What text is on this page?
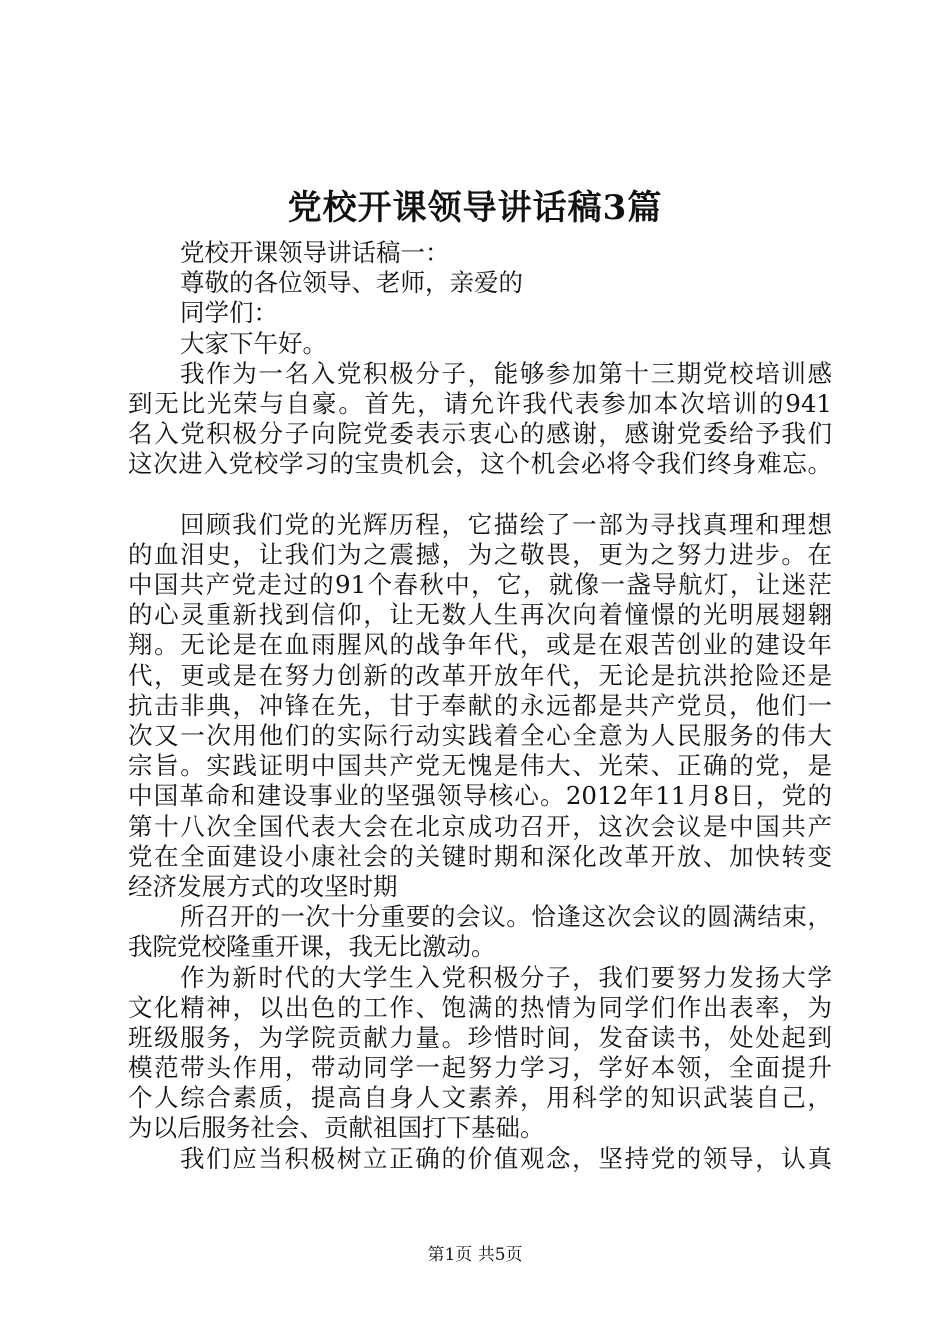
党校开课领导讲话稿3篇
党校开课领导讲话稿一：
尊敬的各位领导、老师，亲爱的
同学们：
大家下午好。
我作为一名入党积极分子，能够参加第十三期党校培训感
到无比光荣与自豪。首先，请允许我代表参加本次培训的941
名入党积极分子向院党委表示衷心的感谢，感谢党委给予我们
这次进入党校学习的宝贵机会，这个机会必将令我们终身难忘。
回顾我们党的光辉历程，它描绘了一部为寻找真理和理想
的血泪史，让我们为之震撼，为之敬畏，更为之努力进步。在
中国共产党走过的91个春秋中，它，就像一盏导航灯，让迷茫
的心灵重新找到信仰，让无数人生再次向着憧憬的光明展翅翱
翔。无论是在血雨腥风的战争年代，或是在艰苦创业的建设年
代，更或是在努力创新的改革开放年代，无论是抗洪抢险还是
抗击非典，冲锋在先，甘于奉献的永远都是共产党员，他们一
次又一次用他们的实际行动实践着全心全意为人民服务的伟大
宗旨。实践证明中国共产党无愧是伟大、光荣、正确的党，是
中国革命和建设事业的坚强领导核心。2012年11月8日，党的
第十八次全国代表大会在北京成功召开，这次会议是中国共产
党在全面建设小康社会的关键时期和深化改革开放、加快转变
经济发展方式的攻坚时期
所召开的一次十分重要的会议。恰逢这次会议的圆满结束，
我院党校隆重开课，我无比激动。
作为新时代的大学生入党积极分子，我们要努力发扬大学
文化精神，以出色的工作、饱满的热情为同学们作出表率，为
班级服务，为学院贡献力量。珍惜时间，发奋读书，处处起到
模范带头作用，带动同学一起努力学习，学好本领，全面提升
个人综合素质，提高自身人文素养，用科学的知识武装自己，
为以后服务社会、贡献祖国打下基础。
我们应当积极树立正确的价值观念，坚持党的领导，认真
第1页 共5页
